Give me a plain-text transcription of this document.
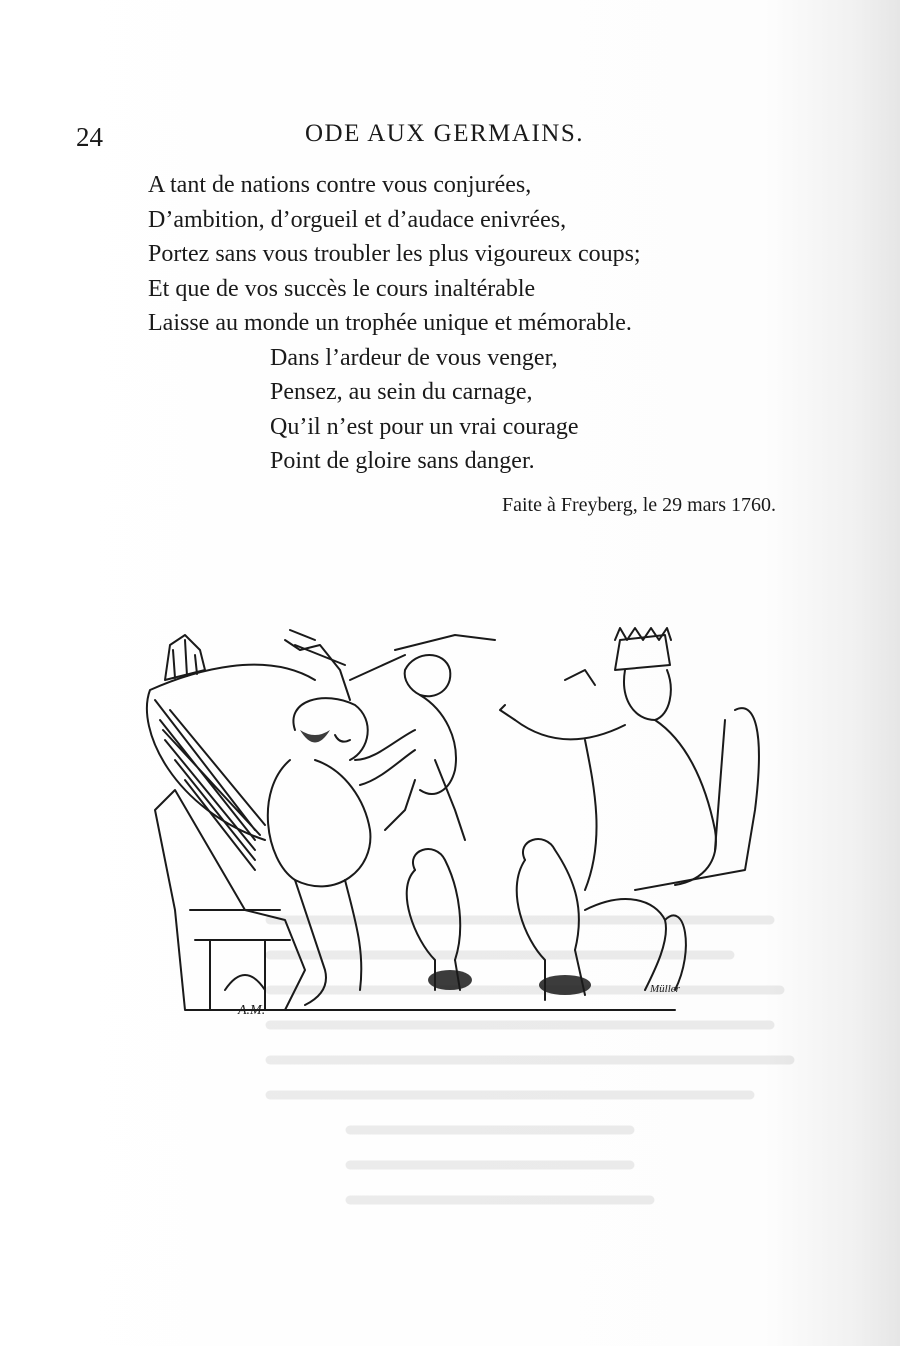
24	ODE AUX GERMAINS.
A tant de nations contre vous conjurées,
D’ambition, d’orgueil et d’audace enivrées,
Portez sans vous troubler les plus vigoureux coups;
Et que de vos succès le cours inaltérable
Laisse au monde un trophée unique et mémorable.
Dans l’ardeur de vous venger,
Pensez, au sein du carnage,
Qu’il n’est pour un vrai courage
Point de gloire sans danger.
Faite à Freyberg, le 29 mars 1760.
A.M.
Müller
